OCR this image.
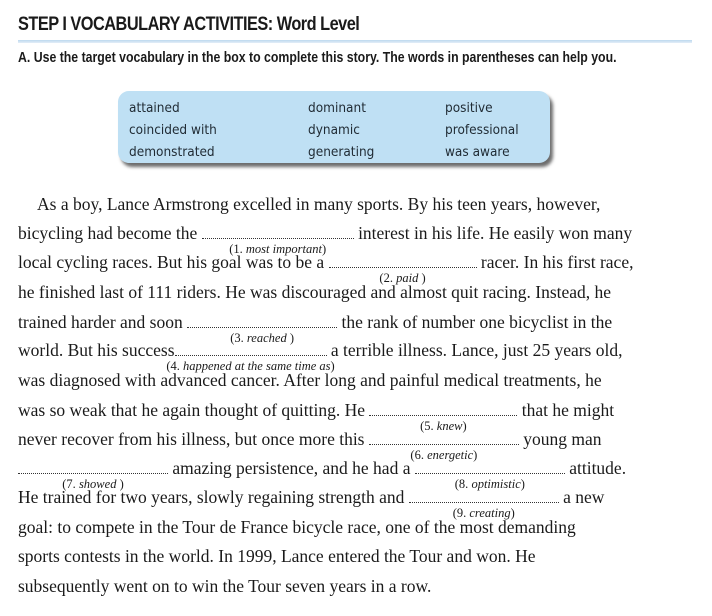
STEP I VOCABULARY ACTIVITIES: Word Level
A. Use the target vocabulary in the box to complete this story. The words in parentheses can help you.
attained
coincided with
demonstrated
dominant
dynamic
generating
positive
professional
was aware
As a boy, Lance Armstrong excelled in many sports. By his teen years, however,
bicycling had become the
(1. most important)
interest in his life. He easily won many
local cycling races. But his goal was to be a
(2. paid )
racer. In his first race,
he finished last of 111 riders. He was discouraged and almost quit racing. Instead, he
trained harder and soon
(3. reached )
the rank of number one bicyclist in the
world. But his success
(4. happened at the same time as)
a terrible illness. Lance, just 25 years old,
was diagnosed with advanced cancer. After long and painful medical treatments, he
was so weak that he again thought of quitting. He
(5. knew)
that he might
never recover from his illness, but once more this
(6. energetic)
young man
(7. showed )
amazing persistence, and he had a
(8. optimistic)
attitude.
He trained for two years, slowly regaining strength and
(9. creating)
a new
goal: to compete in the Tour de France bicycle race, one of the most demanding
sports contests in the world. In 1999, Lance entered the Tour and won. He
subsequently went on to win the Tour seven years in a row.
